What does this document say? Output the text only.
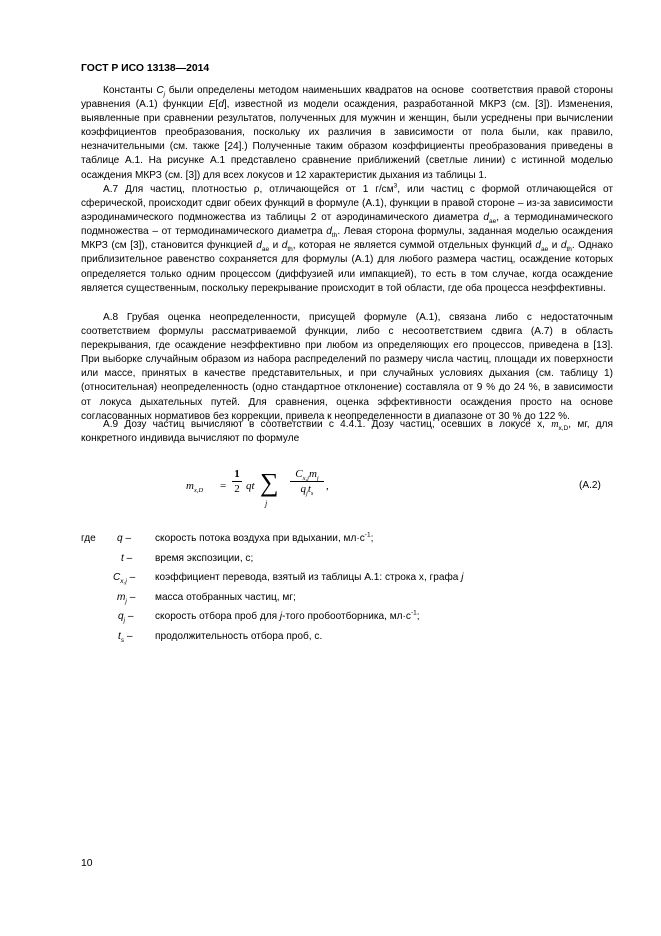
ГОСТ Р ИСО 13138—2014

Константы $C_j$ были определены методом наименьших квадратов на основе  соответствия правой стороны уравнения (А.1) функции E[d], известной из модели осаждения, разработанной МКРЗ (см. [3]). Изменения, выявленные при сравнении результатов, полученных для мужчин и женщин, были усреднены при вычислении коэффициентов преобразования, поскольку их различия в зависимости от пола были, как правило, незначительными (см. также [24].) Полученные таким образом коэффициенты преобразования приведены в таблице А.1. На рисунке А.1 представлено сравнение приближений (светлые линии) с истинной моделью осаждения МКРЗ (см. [3]) для всех локусов и 12 характеристик дыхания из таблицы 1.

А.7 Для частиц, плотностью ρ, отличающейся от 1 $г/см^3$, или частиц с формой отличающейся от сферической, происходит сдвиг обеих функций в формуле (А.1), функции в правой стороне – из-за зависимости аэродинамического подмножества из таблицы 2 от аэродинамического диаметра $d_{ae}$, а термодинамического подмножества – от термодинамического диаметра $d_{th}$. Левая сторона формулы, заданная моделью осаждения МКРЗ (см [3]), становится функцией $d_{ae}$ и $d_{th}$, которая не является суммой отдельных функций $d_{ae}$ и $d_{th}$. Однако приблизительное равенство сохраняется для формулы (А.1) для любого размера частиц, осаждение которых определяется только одним процессом (диффузией или импакцией), то есть в том случае, когда осаждение является существенным, поскольку перекрывание происходит в той области, где оба процесса неэффективны.

А.8 Грубая оценка неопределенности, присущей формуле (А.1), связана либо с недостаточным соответствием формулы рассматриваемой функции, либо с несоответствием сдвига (А.7) в область перекрывания, где осаждение неэффективно при любом из определяющих его процессов, приведена в [13]. При выборке случайным образом из набора распределений по размеру числа частиц, площади их поверхности или массе, принятых в качестве представительных, и при случайных условиях дыхания (см. таблицу 1) (относительная) неопределенность (одно стандартное отклонение) составляла от 9 % до 24 %, в зависимости от локуса дыхательных путей. Для сравнения, оценка эффективности осаждения просто на основе согласованных нормативов без коррекции, привела к неопределенности в диапазоне от 30 % до 122 %.

А.9 Дозу частиц вычисляют в соответствии с 4.4.1. Дозу частиц, осевших в локусе x, $m_{x,D}$, мг, для конкретного индивида вычисляют по формуле

$m_{x,D} = \frac{1}{2}$ qt ∑
j
$C_{x,j}m_j$
$q_jt_s$
,	(А.2)
где q – скорость потока воздуха при вдыхании, $мл\cdot с^{-1}$;
t – время экспозиции, с;
$C_{x,j}$ – коэффициент перевода, взятый из таблицы А.1: строка x, графа j
$m_j$ – масса отобранных частиц, мг;
$q_j$ – скорость отбора проб для j-того пробоотборника, $мл\cdot с^{-1}$;
$t_s$ – продолжительность отбора проб, с.
10
